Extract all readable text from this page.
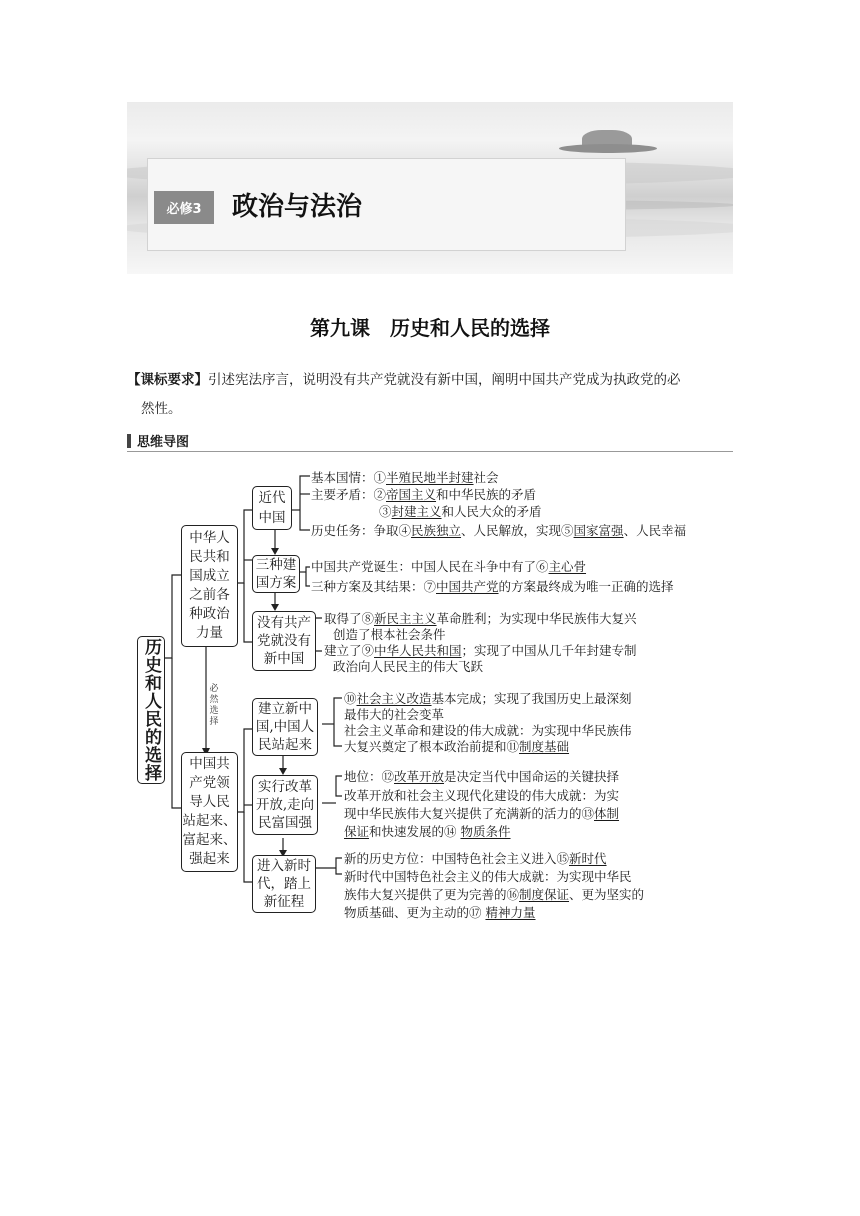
必修3	政治与法治
第九课　历史和人民的选择
【课标要求】引述宪法序言，说明没有共产党就没有新中国，阐明中国共产党成为执政党的必
然性。
思维导图
历史和人民的选择	必然选择
中华人
民共和
国成立
之前各
种政治
力量
近代
中国
基本国情：①半殖民地半封建社会
主要矛盾：②帝国主义和中华民族的矛盾
③封建主义和人民大众的矛盾
历史任务：争取④民族独立、人民解放，实现⑤国家富强、人民幸福
三种建
国方案
中国共产党诞生：中国人民在斗争中有了⑥主心骨
三种方案及其结果：⑦中国共产党的方案最终成为唯一正确的选择
没有共产
党就没有
新中国
取得了⑧新民主主义革命胜利；为实现中华民族伟大复兴
创造了根本社会条件
建立了⑨中华人民共和国；实现了中国从几千年封建专制
政治向人民民主的伟大飞跃
中国共
产党领
导人民
站起来、
富起来、
强起来
建立新中
国,中国人
民站起来
⑩社会主义改造基本完成；实现了我国历史上最深刻
最伟大的社会变革
社会主义革命和建设的伟大成就：为实现中华民族伟
大复兴奠定了根本政治前提和⑪制度基础
实行改革
开放,走向
民富国强
地位：⑫改革开放是决定当代中国命运的关键抉择
改革开放和社会主义现代化建设的伟大成就：为实
现中华民族伟大复兴提供了充满新的活力的⑬体制
保证和快速发展的⑭ 物质条件
进入新时
代，踏上
新征程
新的历史方位：中国特色社会主义进入⑮新时代
新时代中国特色社会主义的伟大成就：为实现中华民
族伟大复兴提供了更为完善的⑯制度保证、更为坚实的
物质基础、更为主动的⑰ 精神力量
